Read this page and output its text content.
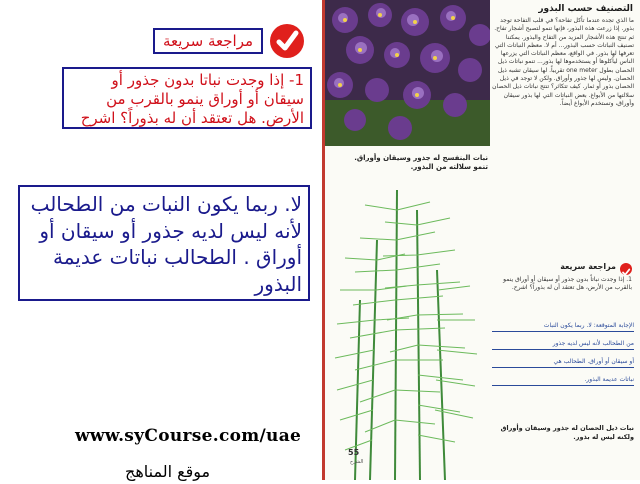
مراجعة سريعة
1- إذا وجدت نباتا بدون جذور أو سيقان أو أوراق ينمو بالقرب من الأرض. هل تعتقد أن له بذوراً؟ اشرح
لا. ربما يكون النبات من الطحالب لأنه ليس لديه جذور أو سيقان أو أوراق . الطحالب نباتات عديمة البذور
www.syCourse.com/uae
موقع المناهج
نبات البنفسج له جذور وسيقان وأوراق. تنمو سلالته من البذور.
التصنيف حسب البذور
ما الذي تجده عندما تأكل تفاحة؟ في قلب التفاحة توجد بذور. إذا زرعت هذه البذور، فإنها تنمو لتصبح أشجار تفاح. ثم تنتج هذه الأشجار المزيد من التفاح والبذور. يمكننا تصنيف النباتات حسب البذور... أم لا. معظم النباتات التي تعرفها لها بذور. في الواقع، معظم النباتات التي يزرعها الناس ليأكلوها أو يستخدموها لها بذور... تنمو نباتات ذيل الحصان بطول one meter تقريباً. لها سيقان تشبه ذيل الحصان. وليس لها جذور وأوراق. ولكن لا توجد في ذيل الحصان بذور أو ثمار. كيف تتكاثر؟ تنتج نباتات ذيل الحصان سلالتها من الأبواغ. بعض النباتات التي لها بذور سيقان وأوراق، وتستخدم الأبواغ أيضاً.
مراجعة سريعة
1. إذا وجدت نباتاً بدون جذور أو سيقان أو أوراق ينمو بالقرب من الأرض، هل تعتقد أن له بذوراً؟ اشرح.
الإجابة المتوقعة: لا. ربما يكون النبات
من الطحالب لأنه ليس لديه جذور
أو سيقان أو أوراق. الطحالب هي
نباتات عديمة البذور.
نبات ذيل الحصان له جذور وسيقان وأوراق ولكنه ليس له بذور.
55
الشرح
